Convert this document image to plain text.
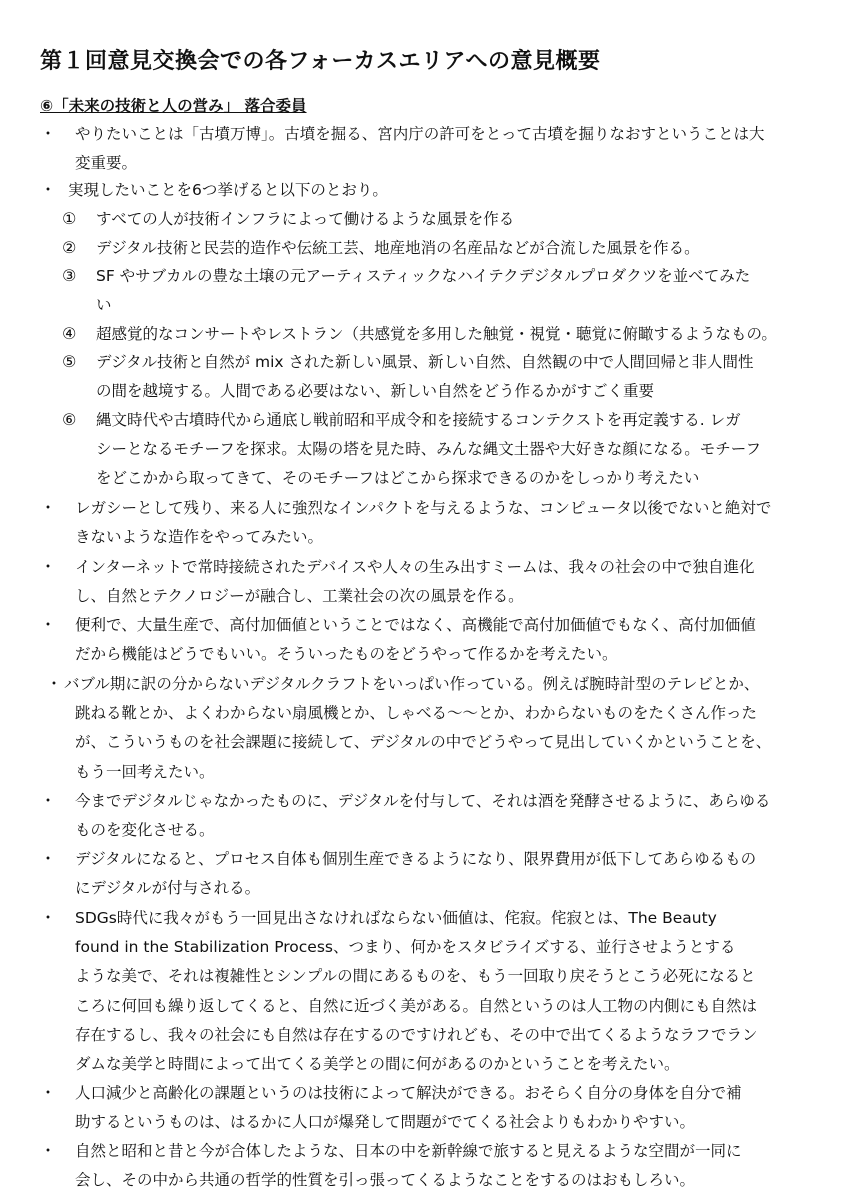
第１回意見交換会での各フォーカスエリアへの意見概要
⑥「未来の技術と人の営み」 落合委員
・ やりたいことは「古墳万博」。古墳を掘る、宮内庁の許可をとって古墳を掘りなおすということは大
変重要。
・ 実現したいことを6つ挙げると以下のとおり。
① すべての人が技術インフラによって働けるような風景を作る
② デジタル技術と民芸的造作や伝統工芸、地産地消の名産品などが合流した風景を作る。
③ SF やサブカルの豊な土壌の元アーティスティックなハイテクデジタルプロダクツを並べてみた
い
④ 超感覚的なコンサートやレストラン（共感覚を多用した触覚・視覚・聴覚に俯瞰するようなもの。
⑤ デジタル技術と自然が mix された新しい風景、新しい自然、自然観の中で人間回帰と非人間性
の間を越境する。人間である必要はない、新しい自然をどう作るかがすごく重要
⑥ 縄文時代や古墳時代から通底し戦前昭和平成令和を接続するコンテクストを再定義する. レガ
シーとなるモチーフを探求。太陽の塔を見た時、みんな縄文土器や大好きな顔になる。モチーフ
をどこかから取ってきて、そのモチーフはどこから探求できるのかをしっかり考えたい
・ レガシーとして残り、来る人に強烈なインパクトを与えるような、コンピュータ以後でないと絶対で
きないような造作をやってみたい。
・ インターネットで常時接続されたデバイスや人々の生み出すミームは、我々の社会の中で独自進化
し、自然とテクノロジーが融合し、工業社会の次の風景を作る。
・ 便利で、大量生産で、高付加価値ということではなく、高機能で高付加価値でもなく、高付加価値
だから機能はどうでもいい。そういったものをどうやって作るかを考えたい。
・ バブル期に訳の分からないデジタルクラフトをいっぱい作っている。例えば腕時計型のテレビとか、
跳ねる靴とか、よくわからない扇風機とか、しゃべる～～とか、わからないものをたくさん作った
が、こういうものを社会課題に接続して、デジタルの中でどうやって見出していくかということを、
もう一回考えたい。
・ 今までデジタルじゃなかったものに、デジタルを付与して、それは酒を発酵させるように、あらゆる
ものを変化させる。
・ デジタルになると、プロセス自体も個別生産できるようになり、限界費用が低下してあらゆるもの
にデジタルが付与される。
・ SDGs時代に我々がもう一回見出さなければならない価値は、侘寂。侘寂とは、The Beauty
found in the Stabilization Process、つまり、何かをスタビライズする、並行させようとする
ような美で、それは複雑性とシンプルの間にあるものを、もう一回取り戻そうとこう必死になると
ころに何回も繰り返してくると、自然に近づく美がある。自然というのは人工物の内側にも自然は
存在するし、我々の社会にも自然は存在するのですけれども、その中で出てくるようなラフでラン
ダムな美学と時間によって出てくる美学との間に何があるのかということを考えたい。
・ 人口減少と高齢化の課題というのは技術によって解決ができる。おそらく自分の身体を自分で補
助するというものは、はるかに人口が爆発して問題がでてくる社会よりもわかりやすい。
・ 自然と昭和と昔と今が合体したような、日本の中を新幹線で旅すると見えるような空間が一同に
会し、その中から共通の哲学的性質を引っ張ってくるようなことをするのはおもしろい。
